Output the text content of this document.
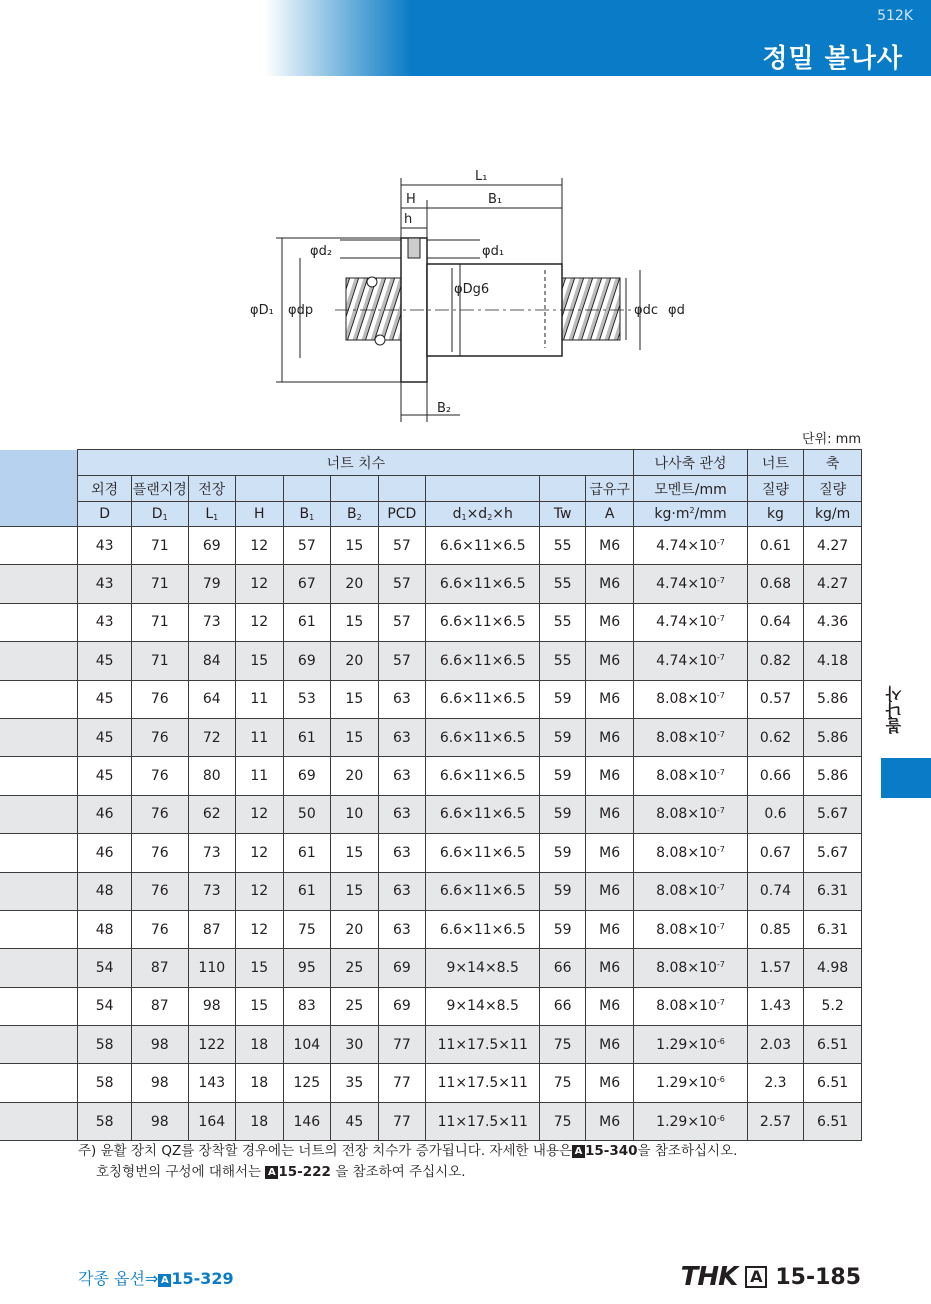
512K
정밀 볼나사
L₁
H	B₁
h
φd₂	φd₁
φDg6
φD₁ φdp	φdc φd
B₂
단위: mm
	너트 치수										나사축 관성	너트	축
	외경	플랜지경	전장							급유구	모멘트/mm	질량	질량
	D	$D_1$	$L_1$	H	$B_1$	$B_2$	PCD	$d_1\times d_2\times h$	Tw	A	$kg\cdot m^2/mm$	kg	kg/m
	43	71	69	12	57	15	57	6.6×11×6.5	55	M6	$4.74\times 10^{-7}$	0.61	4.27
	43	71	79	12	67	20	57	6.6×11×6.5	55	M6	$4.74\times 10^{-7}$	0.68	4.27
	43	71	73	12	61	15	57	6.6×11×6.5	55	M6	$4.74\times 10^{-7}$	0.64	4.36
	45	71	84	15	69	20	57	6.6×11×6.5	55	M6	$4.74\times 10^{-7}$	0.82	4.18
	45	76	64	11	53	15	63	6.6×11×6.5	59	M6	$8.08\times 10^{-7}$	0.57	5.86
	45	76	72	11	61	15	63	6.6×11×6.5	59	M6	$8.08\times 10^{-7}$	0.62	5.86
	45	76	80	11	69	20	63	6.6×11×6.5	59	M6	$8.08\times 10^{-7}$	0.66	5.86
	46	76	62	12	50	10	63	6.6×11×6.5	59	M6	$8.08\times 10^{-7}$	0.6	5.67
	46	76	73	12	61	15	63	6.6×11×6.5	59	M6	$8.08\times 10^{-7}$	0.67	5.67
	48	76	73	12	61	15	63	6.6×11×6.5	59	M6	$8.08\times 10^{-7}$	0.74	6.31
	48	76	87	12	75	20	63	6.6×11×6.5	59	M6	$8.08\times 10^{-7}$	0.85	6.31
	54	87	110	15	95	25	69	9×14×8.5	66	M6	$8.08\times 10^{-7}$	1.57	4.98
	54	87	98	15	83	25	69	9×14×8.5	66	M6	$8.08\times 10^{-7}$	1.43	5.2
	58	98	122	18	104	30	77	11×17.5×11	75	M6	$1.29\times 10^{-6}$	2.03	6.51
	58	98	143	18	125	35	77	11×17.5×11	75	M6	$1.29\times 10^{-6}$	2.3	6.51
	58	98	164	18	146	45	77	11×17.5×11	75	M6	$1.29\times 10^{-6}$	2.57	6.51
주) 윤활 장치 QZ를 장착할 경우에는 너트의 전장 치수가 증가됩니다. 자세한 내용은 A 15-340을 참조하십시오.
호칭형번의 구성에 대해서는 A 15-222 을 참조하여 주십시오.
볼나사
각종 옵션⇒ A 15-329	THK A 15-185
